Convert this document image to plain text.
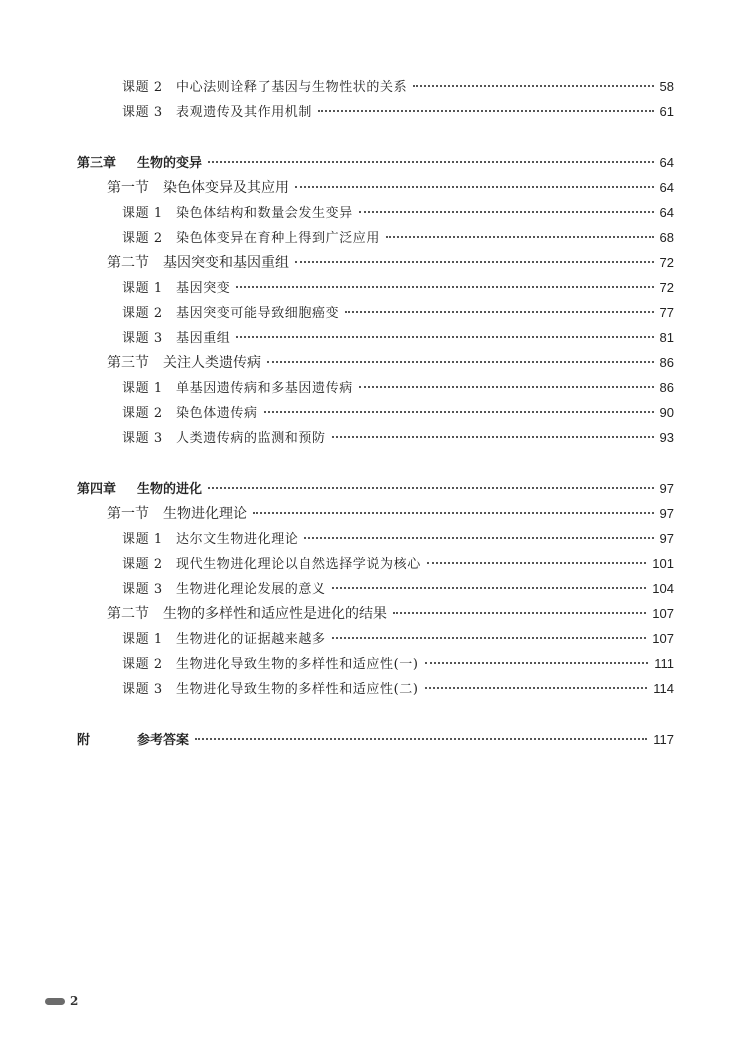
课题 2	中心法则诠释了基因与生物性状的关系	58
课题 3	表观遗传及其作用机制	61
第三章	生物的变异	64
第一节	染色体变异及其应用	64
课题 1	染色体结构和数量会发生变异	64
课题 2	染色体变异在育种上得到广泛应用	68
第二节	基因突变和基因重组	72
课题 1	基因突变	72
课题 2	基因突变可能导致细胞癌变	77
课题 3	基因重组	81
第三节	关注人类遗传病	86
课题 1	单基因遗传病和多基因遗传病	86
课题 2	染色体遗传病	90
课题 3	人类遗传病的监测和预防	93
第四章	生物的进化	97
第一节	生物进化理论	97
课题 1	达尔文生物进化理论	97
课题 2	现代生物进化理论以自然选择学说为核心	101
课题 3	生物进化理论发展的意义	104
第二节	生物的多样性和适应性是进化的结果	107
课题 1	生物进化的证据越来越多	107
课题 2	生物进化导致生物的多样性和适应性(一)	111
课题 3	生物进化导致生物的多样性和适应性(二)	114
附	参考答案	117
2
